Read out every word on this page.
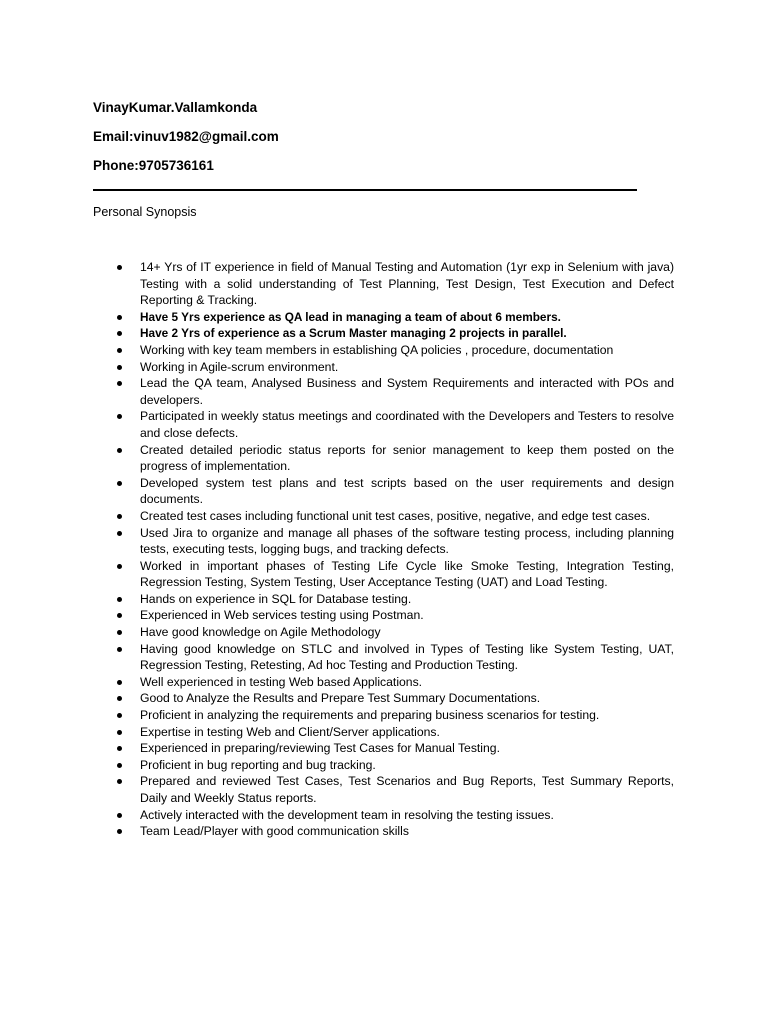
VinayKumar.Vallamkonda
Email:vinuv1982@gmail.com
Phone:9705736161
Personal Synopsis
14+ Yrs of IT experience in field of Manual Testing and Automation (1yr exp in Selenium with java) Testing with a solid understanding of Test Planning, Test Design, Test Execution and Defect Reporting & Tracking.
Have 5 Yrs experience as QA lead in managing a team of about 6 members.
Have 2 Yrs of experience as a Scrum Master managing 2 projects in parallel.
Working with key team members in establishing QA policies , procedure, documentation
Working in Agile-scrum environment.
Lead the QA team, Analysed Business and System Requirements and interacted with POs and developers.
Participated in weekly status meetings and coordinated with the Developers and Testers to resolve and close defects.
Created detailed periodic status reports for senior management to keep them posted on the progress of implementation.
Developed system test plans and test scripts based on the user requirements and design documents.
Created test cases including functional unit test cases, positive, negative, and edge test cases.
Used Jira to organize and manage all phases of the software testing process, including planning tests, executing tests, logging bugs, and tracking defects.
Worked in important phases of Testing Life Cycle like Smoke Testing, Integration Testing, Regression Testing, System Testing, User Acceptance Testing (UAT) and Load Testing.
Hands on experience in SQL for Database testing.
Experienced in Web services testing using Postman.
Have good knowledge on Agile Methodology
Having good knowledge on STLC and involved in Types of Testing like System Testing, UAT, Regression Testing, Retesting, Ad hoc Testing and Production Testing.
Well experienced in testing Web based Applications.
Good to Analyze the Results and Prepare Test Summary Documentations.
Proficient in analyzing the requirements and preparing business scenarios for testing.
Expertise in testing Web and Client/Server applications.
Experienced in preparing/reviewing Test Cases for Manual Testing.
Proficient in bug reporting and bug tracking.
Prepared and reviewed Test Cases, Test Scenarios and Bug Reports, Test Summary Reports, Daily and Weekly Status reports.
Actively interacted with the development team in resolving the testing issues.
Team Lead/Player with good communication skills
